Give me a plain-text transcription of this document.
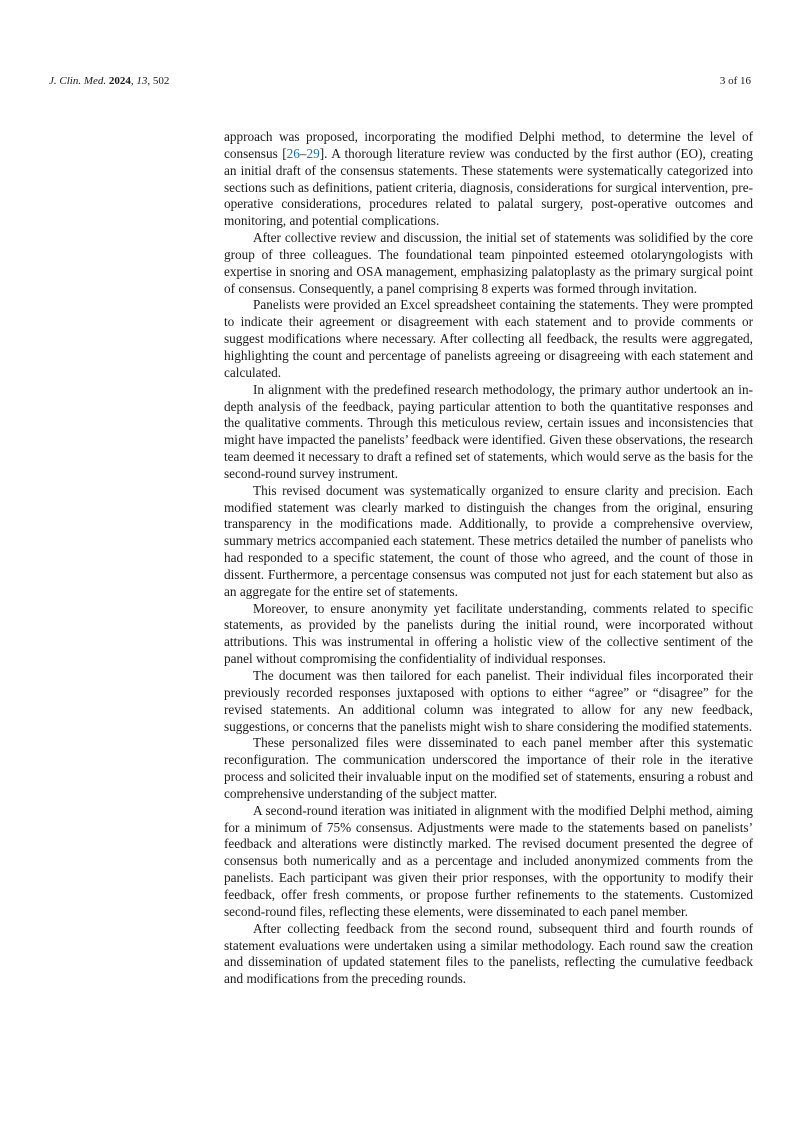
J. Clin. Med. 2024, 13, 502	3 of 16

approach was proposed, incorporating the modified Delphi method, to determine the level of consensus [26–29]. A thorough literature review was conducted by the first author (EO), creating an initial draft of the consensus statements. These statements were systematically categorized into sections such as definitions, patient criteria, diagnosis, considerations for surgical intervention, pre-operative considerations, procedures related to palatal surgery, post-operative outcomes and monitoring, and potential complications.

After collective review and discussion, the initial set of statements was solidified by the core group of three colleagues. The foundational team pinpointed esteemed otolaryngologists with expertise in snoring and OSA management, emphasizing palatoplasty as the primary surgical point of consensus. Consequently, a panel comprising 8 experts was formed through invitation.

Panelists were provided an Excel spreadsheet containing the statements. They were prompted to indicate their agreement or disagreement with each statement and to provide comments or suggest modifications where necessary. After collecting all feedback, the results were aggregated, highlighting the count and percentage of panelists agreeing or disagreeing with each statement and calculated.

In alignment with the predefined research methodology, the primary author undertook an in-depth analysis of the feedback, paying particular attention to both the quantitative responses and the qualitative comments. Through this meticulous review, certain issues and inconsistencies that might have impacted the panelists’ feedback were identified. Given these observations, the research team deemed it necessary to draft a refined set of statements, which would serve as the basis for the second-round survey instrument.

This revised document was systematically organized to ensure clarity and precision. Each modified statement was clearly marked to distinguish the changes from the original, ensuring transparency in the modifications made. Additionally, to provide a comprehensive overview, summary metrics accompanied each statement. These metrics detailed the number of panelists who had responded to a specific statement, the count of those who agreed, and the count of those in dissent. Furthermore, a percentage consensus was computed not just for each statement but also as an aggregate for the entire set of statements.

Moreover, to ensure anonymity yet facilitate understanding, comments related to specific statements, as provided by the panelists during the initial round, were incorporated without attributions. This was instrumental in offering a holistic view of the collective sentiment of the panel without compromising the confidentiality of individual responses.

The document was then tailored for each panelist. Their individual files incorporated their previously recorded responses juxtaposed with options to either “agree” or “disagree” for the revised statements. An additional column was integrated to allow for any new feedback, suggestions, or concerns that the panelists might wish to share considering the modified statements.

These personalized files were disseminated to each panel member after this systematic reconfiguration. The communication underscored the importance of their role in the iterative process and solicited their invaluable input on the modified set of statements, ensuring a robust and comprehensive understanding of the subject matter.

A second-round iteration was initiated in alignment with the modified Delphi method, aiming for a minimum of 75% consensus. Adjustments were made to the statements based on panelists’ feedback and alterations were distinctly marked. The revised document presented the degree of consensus both numerically and as a percentage and included anonymized comments from the panelists. Each participant was given their prior responses, with the opportunity to modify their feedback, offer fresh comments, or propose further refinements to the statements. Customized second-round files, reflecting these elements, were disseminated to each panel member.

After collecting feedback from the second round, subsequent third and fourth rounds of statement evaluations were undertaken using a similar methodology. Each round saw the creation and dissemination of updated statement files to the panelists, reflecting the cumulative feedback and modifications from the preceding rounds.
